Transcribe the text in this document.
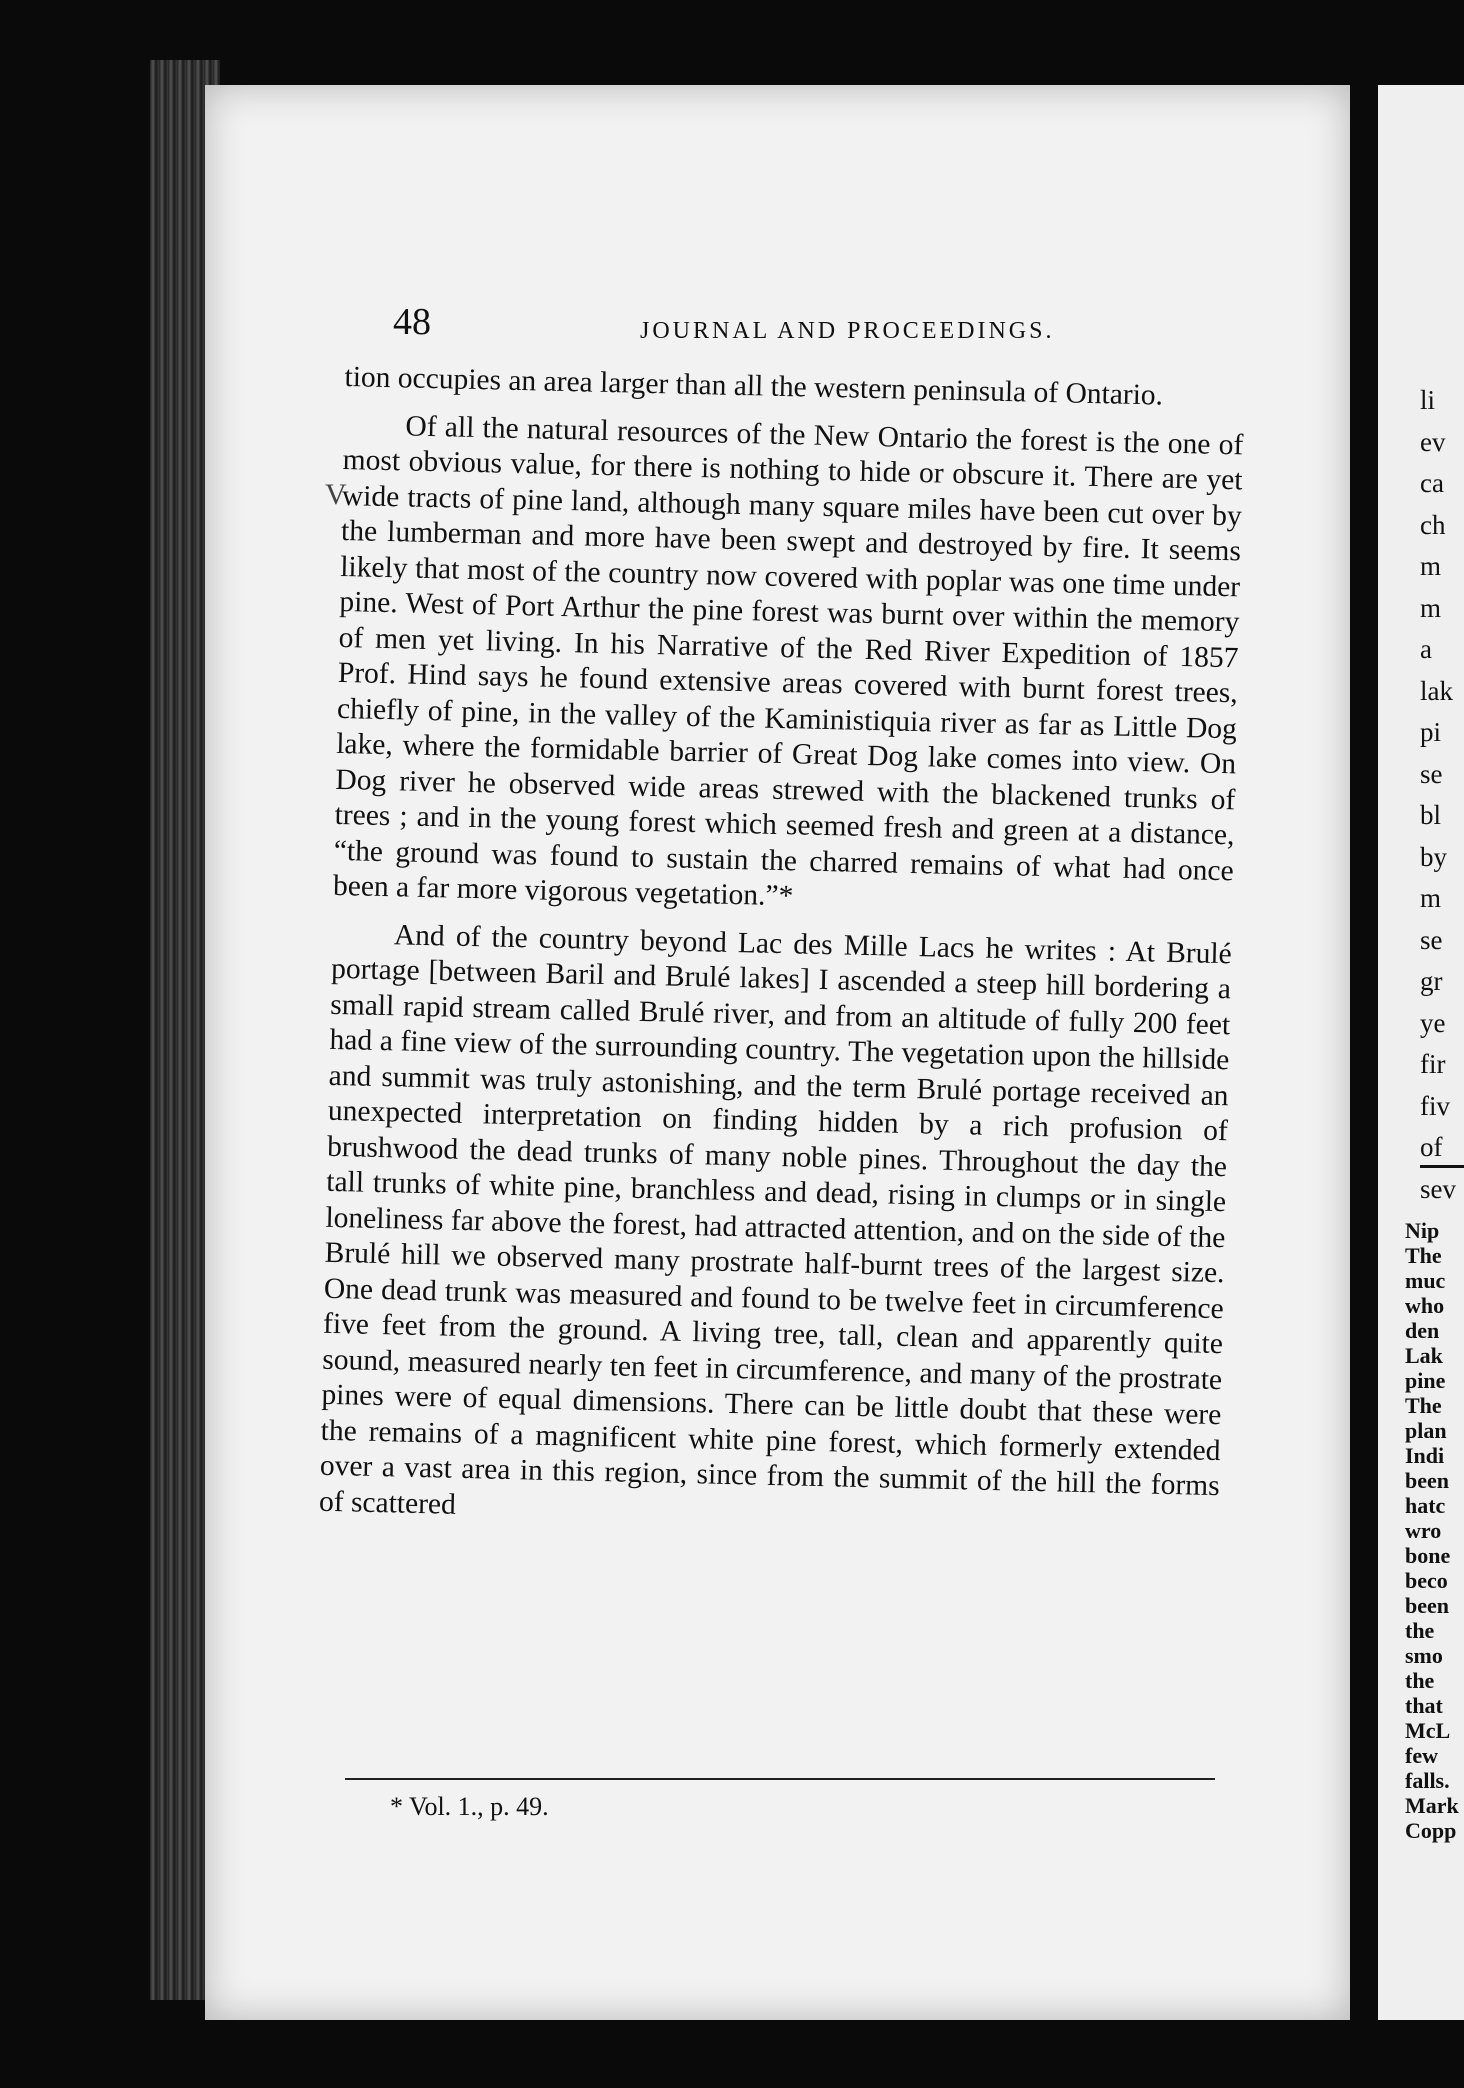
48	JOURNAL AND PROCEEDINGS.
V

tion occupies an area larger than all the western peninsula of Ontario.

Of all the natural resources of the New Ontario the forest is the one of most obvious value, for there is nothing to hide or obscure it. There are yet wide tracts of pine land, although many square miles have been cut over by the lumberman and more have been swept and destroyed by fire. It seems likely that most of the country now covered with poplar was one time under pine. West of Port Arthur the pine forest was burnt over within the memory of men yet living. In his Narrative of the Red River Expedition of 1857 Prof. Hind says he found extensive areas covered with burnt forest trees, chiefly of pine, in the valley of the Kaministiquia river as far as Little Dog lake, where the formidable barrier of Great Dog lake comes into view. On Dog river he observed wide areas strewed with the blackened trunks of trees ; and in the young forest which seemed fresh and green at a distance, “the ground was found to sustain the charred remains of what had once been a far more vigorous vegetation.”*

And of the country beyond Lac des Mille Lacs he writes : At Brulé portage [between Baril and Brulé lakes] I ascended a steep hill bordering a small rapid stream called Brulé river, and from an altitude of fully 200 feet had a fine view of the surrounding country. The vegetation upon the hillside and summit was truly astonishing, and the term Brulé portage received an unexpected interpretation on finding hidden by a rich profusion of brushwood the dead trunks of many noble pines. Throughout the day the tall trunks of white pine, branchless and dead, rising in clumps or in single loneliness far above the forest, had attracted attention, and on the side of the Brulé hill we observed many prostrate half-burnt trees of the largest size. One dead trunk was measured and found to be twelve feet in circumference five feet from the ground. A living tree, tall, clean and apparently quite sound, measured nearly ten feet in circumference, and many of the prostrate pines were of equal dimensions. There can be little doubt that these were the remains of a magnificent white pine forest, which formerly extended over a vast area in this region, since from the summit of the hill the forms of scattered

* Vol. 1., p. 49.
li
ev
ca
ch
m
m
a
lak
pi
se
bl
by
m
se
gr
ye
fir
fiv
of
sev
Nip
The
muc
who
den
Lak
pine
The
plan
Indi
been
hatc
wro
bone
beco
been
the
smo
the
that
McL
few
falls.
Mark
Copp
